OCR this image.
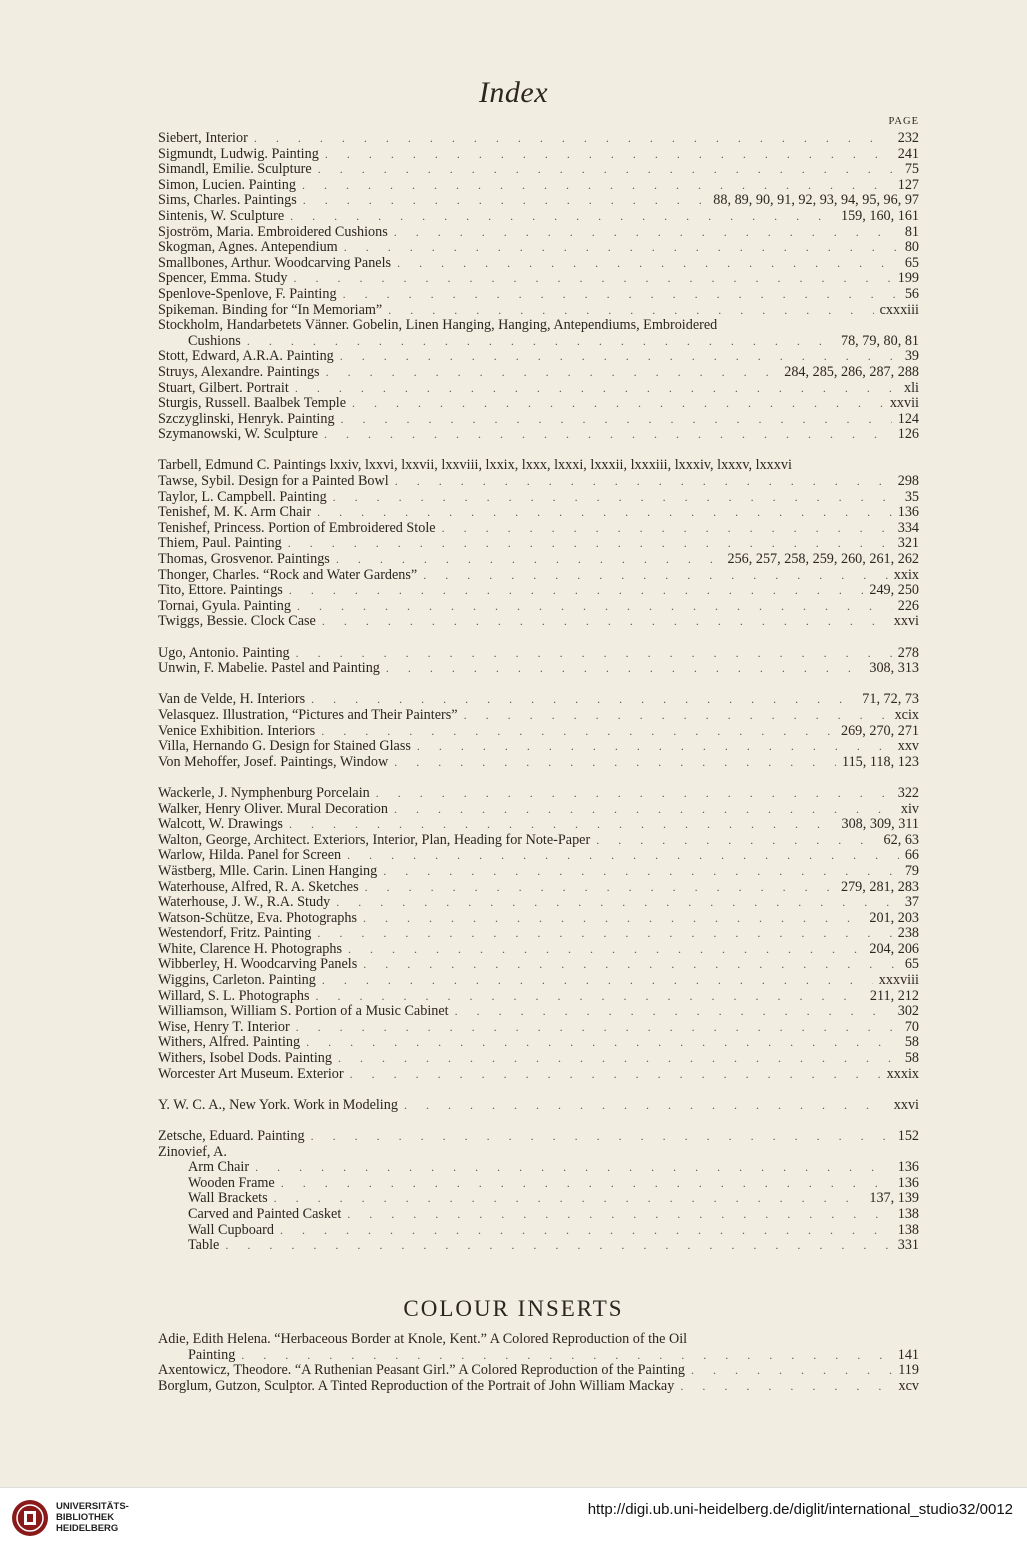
Index
PAGE
Siebert, Interior . . .	232
Sigmundt, Ludwig. Painting . . .	241
Simandl, Emilie. Sculpture . . .	75
Simon, Lucien. Painting . . .	127
Sims, Charles. Paintings . . .	88, 89, 90, 91, 92, 93, 94, 95, 96, 97
Sintenis, W. Sculpture . . .	159, 160, 161
Sjoström, Maria. Embroidered Cushions . . .	81
Skogman, Agnes. Antependium . . .	80
Smallbones, Arthur. Woodcarving Panels . . .	65
Spencer, Emma. Study . . .	199
Spenlove-Spenlove, F. Painting . . .	56
Spikeman. Binding for “In Memoriam” . . .	cxxxiii
Stockholm, Handarbetets Vänner. Gobelin, Linen Hanging, Hanging, Antependiums, Embroidered
Cushions . . .	78, 79, 80, 81
Stott, Edward, A.R.A. Painting . . .	39
Struys, Alexandre. Paintings . . .	284, 285, 286, 287, 288
Stuart, Gilbert. Portrait . . .	xli
Sturgis, Russell. Baalbek Temple . . .	xxvii
Szczyglinski, Henryk. Painting . . .	124
Szymanowski, W. Sculpture . . .	126
Tarbell, Edmund C. Paintings lxxiv, lxxvi, lxxvii, lxxviii, lxxix, lxxx, lxxxi, lxxxii, lxxxiii, lxxxiv, lxxxv, lxxxvi
Tawse, Sybil. Design for a Painted Bowl . . .	298
Taylor, L. Campbell. Painting . . .	35
Tenishef, M. K. Arm Chair . . .	136
Tenishef, Princess. Portion of Embroidered Stole . . .	334
Thiem, Paul. Painting . . .	321
Thomas, Grosvenor. Paintings . . .	256, 257, 258, 259, 260, 261, 262
Thonger, Charles. “Rock and Water Gardens” . . .	xxix
Tito, Ettore. Paintings . . .	249, 250
Tornai, Gyula. Painting . . .	226
Twiggs, Bessie. Clock Case . . .	xxvi
Ugo, Antonio. Painting . . .	278
Unwin, F. Mabelie. Pastel and Painting . . .	308, 313
Van de Velde, H. Interiors . . .	71, 72, 73
Velasquez. Illustration, “Pictures and Their Painters” . . .	xcix
Venice Exhibition. Interiors . . .	269, 270, 271
Villa, Hernando G. Design for Stained Glass . . .	xxv
Von Mehoffer, Josef. Paintings, Window . . .	115, 118, 123
Wackerle, J. Nymphenburg Porcelain . . .	322
Walker, Henry Oliver. Mural Decoration . . .	xiv
Walcott, W. Drawings . . .	308, 309, 311
Walton, George, Architect. Exteriors, Interior, Plan, Heading for Note-Paper . . .	62, 63
Warlow, Hilda. Panel for Screen . . .	66
Wästberg, Mlle. Carin. Linen Hanging . . .	79
Waterhouse, Alfred, R. A. Sketches . . .	279, 281, 283
Waterhouse, J. W., R.A. Study . . .	37
Watson-Schütze, Eva. Photographs . . .	201, 203
Westendorf, Fritz. Painting . . .	238
White, Clarence H. Photographs . . .	204, 206
Wibberley, H. Woodcarving Panels . . .	65
Wiggins, Carleton. Painting . . .	xxxviii
Willard, S. L. Photographs . . .	211, 212
Williamson, William S. Portion of a Music Cabinet . . .	302
Wise, Henry T. Interior . . .	70
Withers, Alfred. Painting . . .	58
Withers, Isobel Dods. Painting . . .	58
Worcester Art Museum. Exterior . . .	xxxix
Y. W. C. A., New York. Work in Modeling . . .	xxvi
Zetsche, Eduard. Painting . . .	152
Zinovief, A.
Arm Chair . . .	136
Wooden Frame . . .	136
Wall Brackets . . .	137, 139
Carved and Painted Casket . . .	138
Wall Cupboard . . .	138
Table . . .	331
COLOUR INSERTS
Adie, Edith Helena. “Herbaceous Border at Knole, Kent.” A Colored Reproduction of the Oil
Painting . . .	141
Axentowicz, Theodore. “A Ruthenian Peasant Girl.” A Colored Reproduction of the Painting . . .	119
Borglum, Gutzon, Sculptor. A Tinted Reproduction of the Portrait of John William Mackay . . .	xcv
UNIVERSITÄTS-
BIBLIOTHEK
HEIDELBERG
http://digi.ub.uni-heidelberg.de/diglit/international_studio32/0012
